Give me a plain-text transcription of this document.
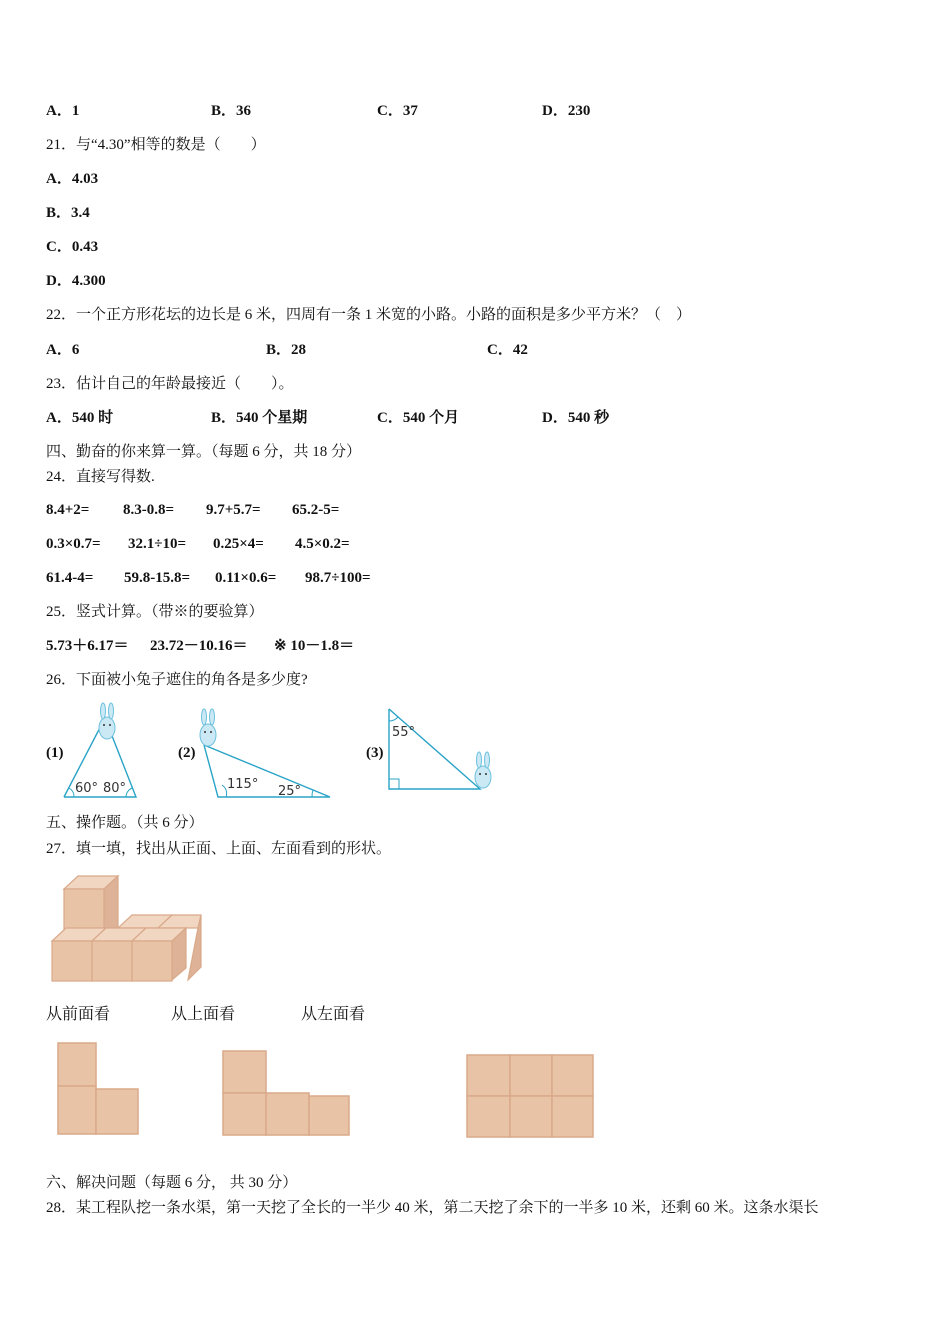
A．1	B．36	C．37	D．230
21．与“4.30”相等的数是（　　）
A．4.03
B．3.4
C．0.43
D．4.300
22．一个正方形花坛的边长是 6 米，四周有一条 1 米宽的小路。小路的面积是多少平方米？（　）
A．6	B．28	C．42
23．估计自己的年龄最接近（　　）。
A．540 时	B．540 个星期	C．540 个月	D．540 秒
四、勤奋的你来算一算。（每题 6 分，共 18 分）
24．直接写得数.
8.4+2= 8.3-0.8= 9.7+5.7= 65.2-5=
0.3×0.7= 32.1÷10= 0.25×4= 4.5×0.2=
61.4-4= 59.8-15.8= 0.11×0.6= 98.7÷100=
25．竖式计算。（带※的要验算）
5.73＋6.17＝ 23.72－10.16＝ ※ 10－1.8＝
26．下面被小兔子遮住的角各是多少度?
(1)	(2)	(3)
60° 80°	115° 25°
55°
五、操作题。（共 6 分）
27．填一填，找出从正面、上面、左面看到的形状。
从前面看	从上面看	从左面看
六、解决问题（每题 6 分， 共 30 分）
28．某工程队挖一条水渠，第一天挖了全长的一半少 40 米，第二天挖了余下的一半多 10 米，还剩 60 米。这条水渠长
